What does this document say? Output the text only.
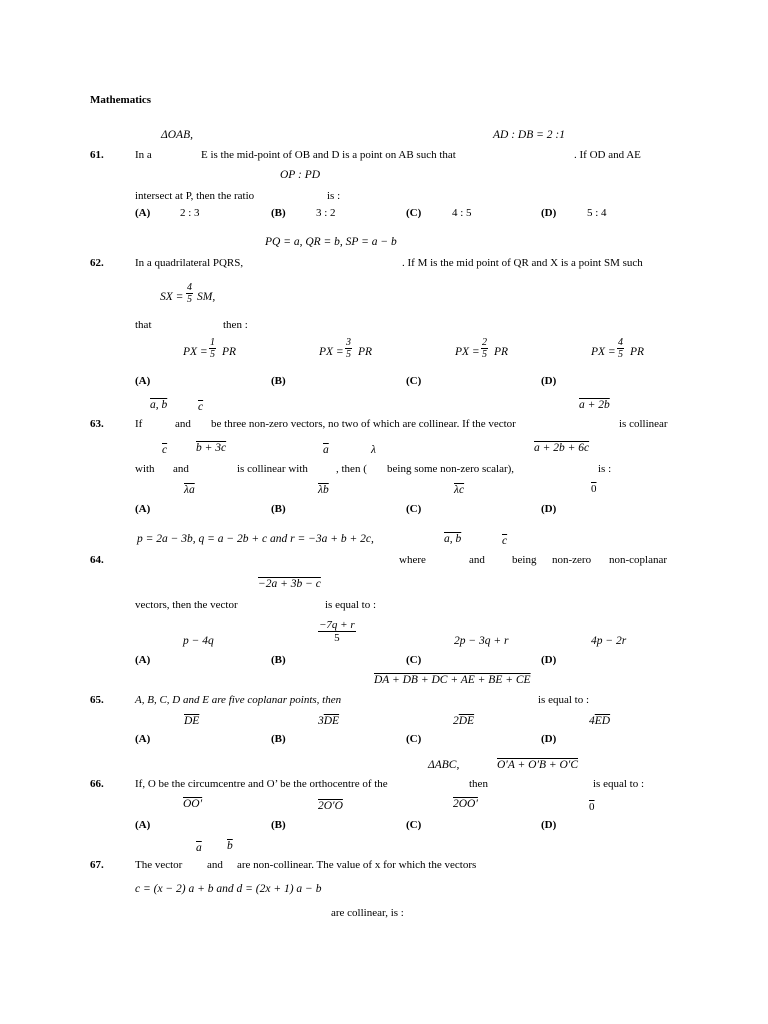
Mathematics
ΔOAB,	AD : DB = 2 :1
61.	In a	E is the mid-point of OB and D is a point on AB such that	. If OD and AE
OP : PD
intersect at P, then the ratio	is :
(A)	2 : 3	(B)	3 : 2	(C)	4 : 5	(D)	5 : 4
PQ = a, QR = b, SP = a − b
62.	In a quadrilateral PQRS,	. If M is the mid point of QR and X is a point SM such
SX = $\frac{4}{5}$ SM,
that	then :
PX = $\frac{1}{5}$ PR	PX = $\frac{3}{5}$ PR	PX = $\frac{2}{5}$ PR	PX = $\frac{4}{5}$ PR
(A)	(B)	(C)	(D)
a, b	$\overline{c}$	a + 2b
63.	If	and be three non-zero vectors, no two of which are collinear. If the vector	is collinear
$\overline{c}$	b + 3c	$\overline{a}$	λ	a + 2b + 6c
with and	is collinear with	, then ( being some non-zero scalar),	is :
$\overline{\lambda a}$	$\overline{\lambda b}$	$\overline{\lambda c}$	0
(A)	(B)	(C)	(D)
p = 2a − 3b, q = a − 2b + c and r = −3a + b + 2c,	a, b	$\overline{c}$
64.	where	and being non-zero non-coplanar
−2a + 3b − c
vectors, then the vector	is equal to :
p − 4q	$\frac{-7q + r}{5}$	2p − 3q + r	4p − 2r
(A)	(B)	(C)	(D)
DA + DB + DC + AE + BE + CE
65.	A, B, C, D and E are five coplanar points, then	is equal to :
$\overline{DE}$	$3\overline{DE}$	$2\overline{DE}$	$4\overline{ED}$
(A)	(B)	(C)	(D)
ΔABC,	O′A + O′B + O′C
66.	If, O be the circumcentre and O’ be the orthocentre of the	then	is equal to :
OO′	2O′O	2OO′	0
(A)	(B)	(C)	(D)
$\overline{a}$ $\overline{b}$
67.	The vector and are non-collinear. The value of x for which the vectors
c = (x − 2) a + b and d = (2x + 1) a − b
are collinear, is :
